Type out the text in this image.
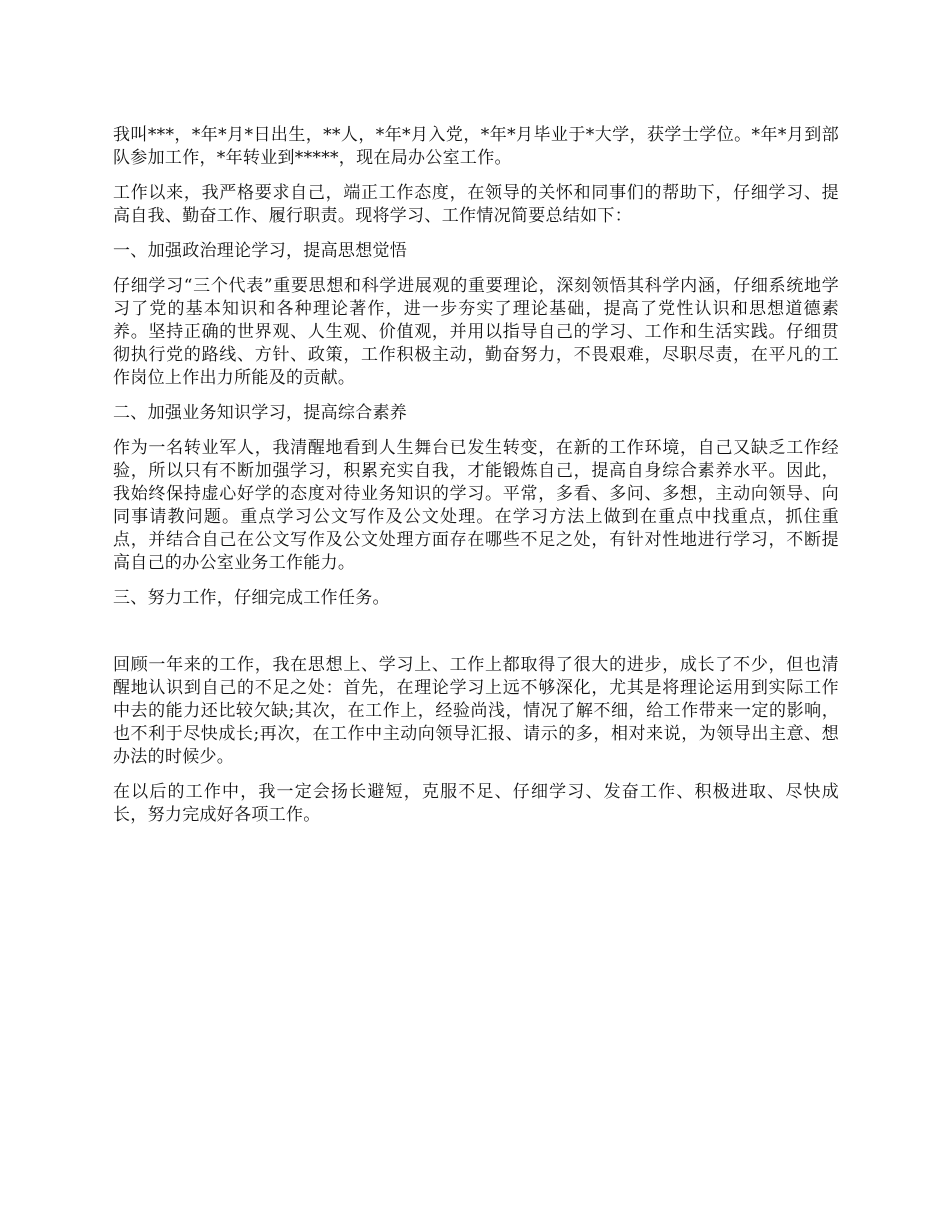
我叫***，*年*月*日出生，**人，*年*月入党，*年*月毕业于*大学，获学士学位。*年*月到部队参加工作，*年转业到*****，现在局办公室工作。

工作以来，我严格要求自己，端正工作态度，在领导的关怀和同事们的帮助下，仔细学习、提高自我、勤奋工作、履行职责。现将学习、工作情况简要总结如下：

一、加强政治理论学习，提高思想觉悟

仔细学习“三个代表”重要思想和科学进展观的重要理论，深刻领悟其科学内涵，仔细系统地学习了党的基本知识和各种理论著作，进一步夯实了理论基础，提高了党性认识和思想道德素养。坚持正确的世界观、人生观、价值观，并用以指导自己的学习、工作和生活实践。仔细贯彻执行党的路线、方针、政策，工作积极主动，勤奋努力，不畏艰难，尽职尽责，在平凡的工作岗位上作出力所能及的贡献。

二、加强业务知识学习，提高综合素养

作为一名转业军人，我清醒地看到人生舞台已发生转变，在新的工作环境，自己又缺乏工作经验，所以只有不断加强学习，积累充实自我，才能锻炼自己，提高自身综合素养水平。因此，我始终保持虚心好学的态度对待业务知识的学习。平常，多看、多问、多想，主动向领导、向同事请教问题。重点学习公文写作及公文处理。在学习方法上做到在重点中找重点，抓住重点，并结合自己在公文写作及公文处理方面存在哪些不足之处，有针对性地进行学习，不断提高自己的办公室业务工作能力。

三、努力工作，仔细完成工作任务。

回顾一年来的工作，我在思想上、学习上、工作上都取得了很大的进步，成长了不少，但也清醒地认识到自己的不足之处：首先，在理论学习上远不够深化，尤其是将理论运用到实际工作中去的能力还比较欠缺;其次，在工作上，经验尚浅，情况了解不细，给工作带来一定的影响，也不利于尽快成长;再次，在工作中主动向领导汇报、请示的多，相对来说，为领导出主意、想办法的时候少。

在以后的工作中，我一定会扬长避短，克服不足、仔细学习、发奋工作、积极进取、尽快成长，努力完成好各项工作。
